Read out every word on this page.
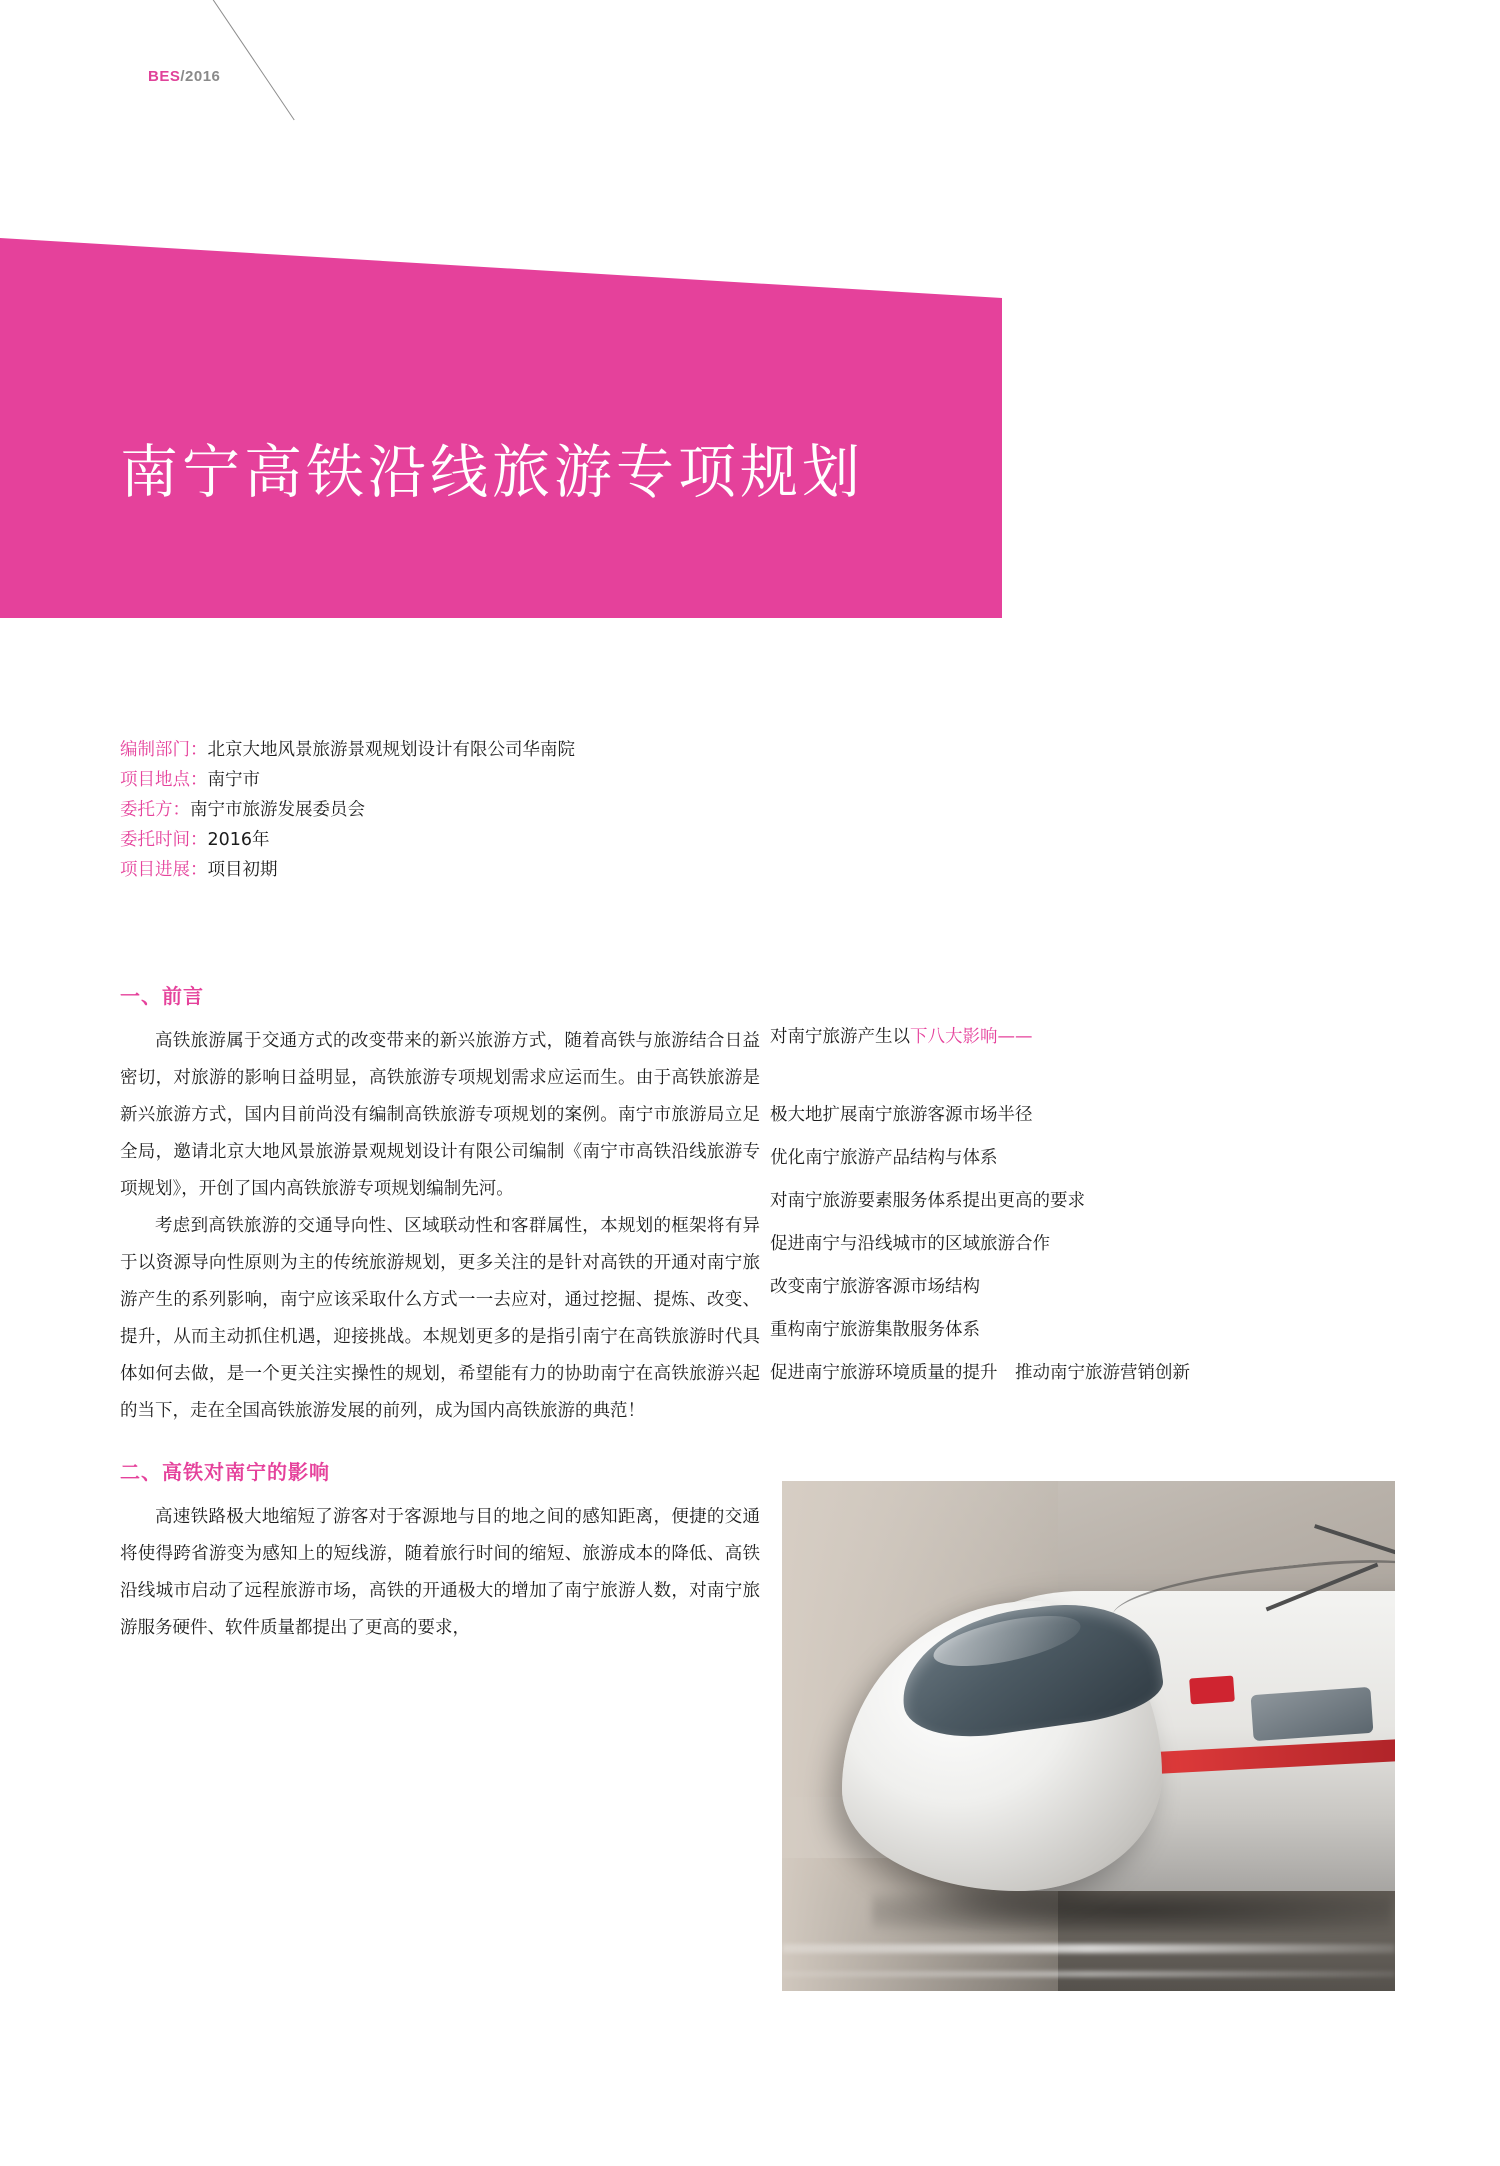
BES/2016
南宁高铁沿线旅游专项规划
编制部门：北京大地风景旅游景观规划设计有限公司华南院
项目地点：南宁市
委托方：南宁市旅游发展委员会
委托时间：2016年
项目进展：项目初期
一、前言

高铁旅游属于交通方式的改变带来的新兴旅游方式，随着高铁与旅游结合日益密切，对旅游的影响日益明显，高铁旅游专项规划需求应运而生。由于高铁旅游是新兴旅游方式，国内目前尚没有编制高铁旅游专项规划的案例。南宁市旅游局立足全局，邀请北京大地风景旅游景观规划设计有限公司编制《南宁市高铁沿线旅游专项规划》，开创了国内高铁旅游专项规划编制先河。

考虑到高铁旅游的交通导向性、区域联动性和客群属性，本规划的框架将有异于以资源导向性原则为主的传统旅游规划，更多关注的是针对高铁的开通对南宁旅游产生的系列影响，南宁应该采取什么方式一一去应对，通过挖掘、提炼、改变、提升，从而主动抓住机遇，迎接挑战。本规划更多的是指引南宁在高铁旅游时代具体如何去做，是一个更关注实操性的规划，希望能有力的协助南宁在高铁旅游兴起的当下，走在全国高铁旅游发展的前列，成为国内高铁旅游的典范！

二、高铁对南宁的影响

高速铁路极大地缩短了游客对于客源地与目的地之间的感知距离，便捷的交通将使得跨省游变为感知上的短线游，随着旅行时间的缩短、旅游成本的降低、高铁沿线城市启动了远程旅游市场，高铁的开通极大的增加了南宁旅游人数，对南宁旅游服务硬件、软件质量都提出了更高的要求，

对南宁旅游产生以下八大影响——
极大地扩展南宁旅游客源市场半径
优化南宁旅游产品结构与体系
对南宁旅游要素服务体系提出更高的要求
促进南宁与沿线城市的区域旅游合作
改变南宁旅游客源市场结构
重构南宁旅游集散服务体系
促进南宁旅游环境质量的提升　推动南宁旅游营销创新
